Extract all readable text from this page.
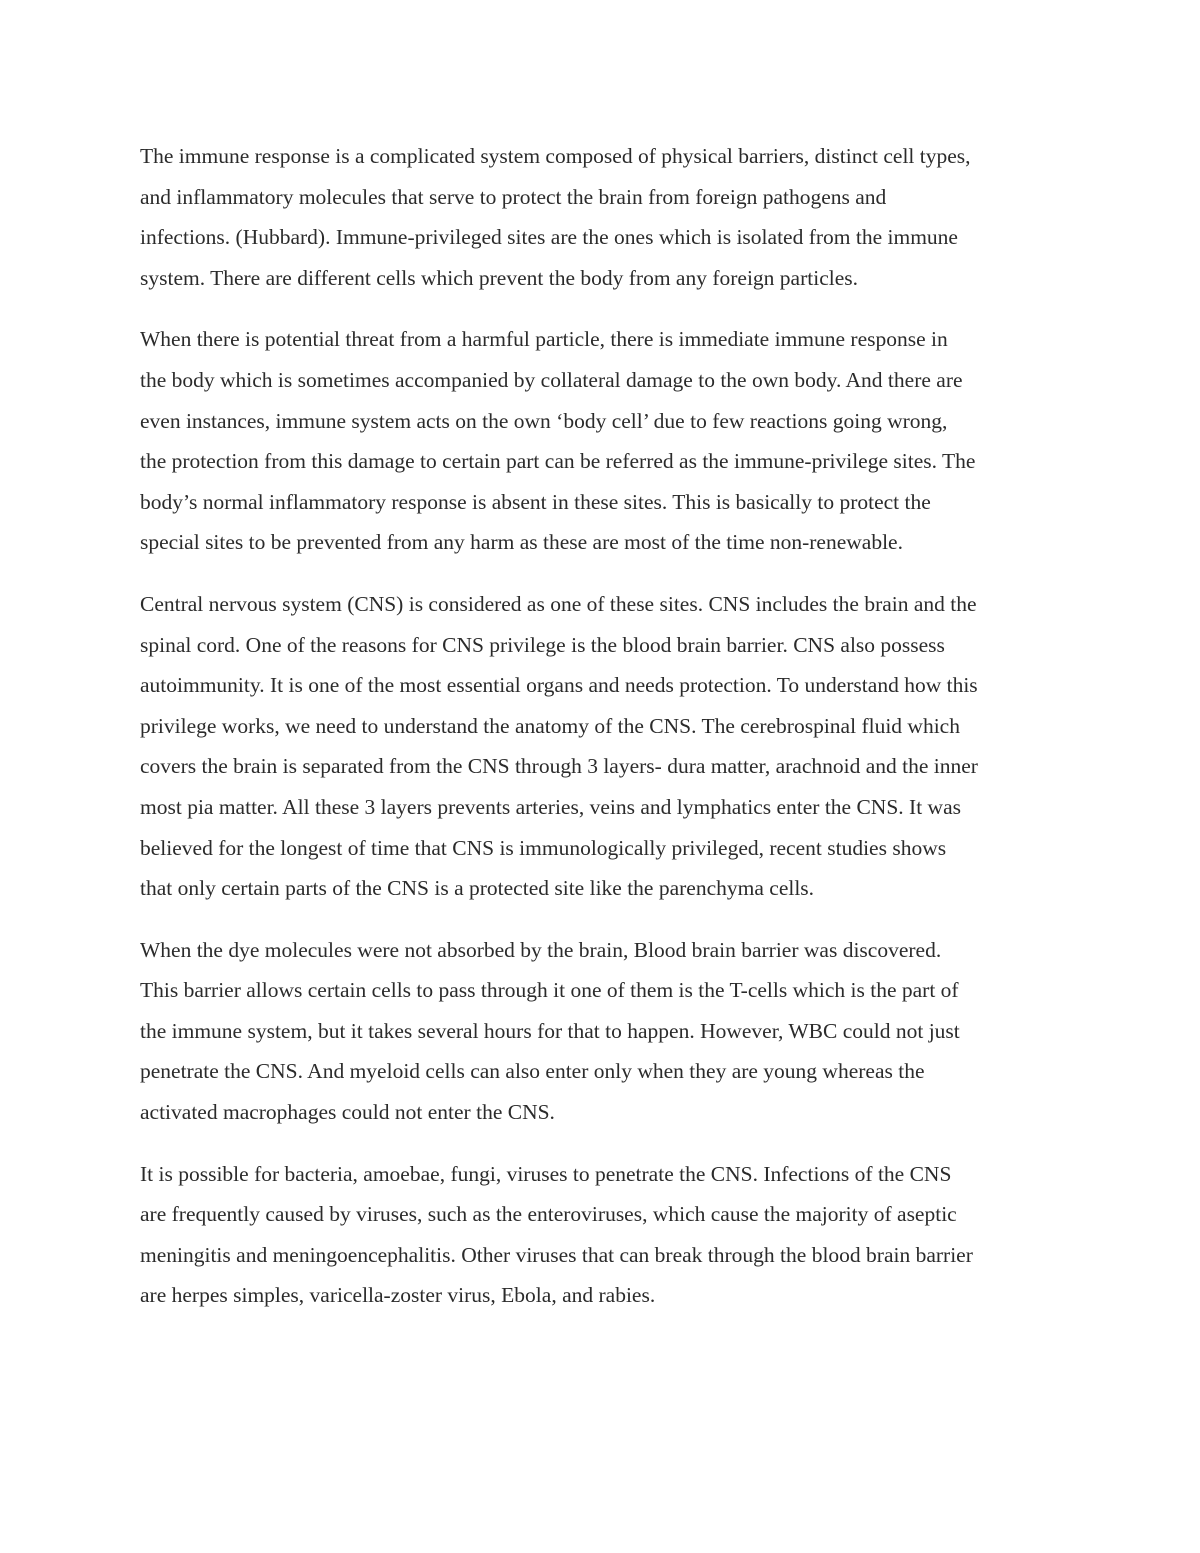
The immune response is a complicated system composed of physical barriers, distinct cell types,
and inflammatory molecules that serve to protect the brain from foreign pathogens and
infections. (Hubbard). Immune-privileged sites are the ones which is isolated from the immune
system. There are different cells which prevent the body from any foreign particles.
When there is potential threat from a harmful particle, there is immediate immune response in
the body which is sometimes accompanied by collateral damage to the own body. And there are
even instances, immune system acts on the own ‘body cell’ due to few reactions going wrong,
the protection from this damage to certain part can be referred as the immune-privilege sites. The
body’s normal inflammatory response is absent in these sites. This is basically to protect the
special sites to be prevented from any harm as these are most of the time non-renewable.
Central nervous system (CNS) is considered as one of these sites. CNS includes the brain and the
spinal cord. One of the reasons for CNS privilege is the blood brain barrier. CNS also possess
autoimmunity. It is one of the most essential organs and needs protection. To understand how this
privilege works, we need to understand the anatomy of the CNS. The cerebrospinal fluid which
covers the brain is separated from the CNS through 3 layers- dura matter, arachnoid and the inner
most pia matter. All these 3 layers prevents arteries, veins and lymphatics enter the CNS. It was
believed for the longest of time that CNS is immunologically privileged, recent studies shows
that only certain parts of the CNS is a protected site like the parenchyma cells.
When the dye molecules were not absorbed by the brain, Blood brain barrier was discovered.
This barrier allows certain cells to pass through it one of them is the T-cells which is the part of
the immune system, but it takes several hours for that to happen. However, WBC could not just
penetrate the CNS. And myeloid cells can also enter only when they are young whereas the
activated macrophages could not enter the CNS.
It is possible for bacteria, amoebae, fungi, viruses to penetrate the CNS. Infections of the CNS
are frequently caused by viruses, such as the enteroviruses, which cause the majority of aseptic
meningitis and meningoencephalitis. Other viruses that can break through the blood brain barrier
are herpes simples, varicella-zoster virus, Ebola, and rabies.
